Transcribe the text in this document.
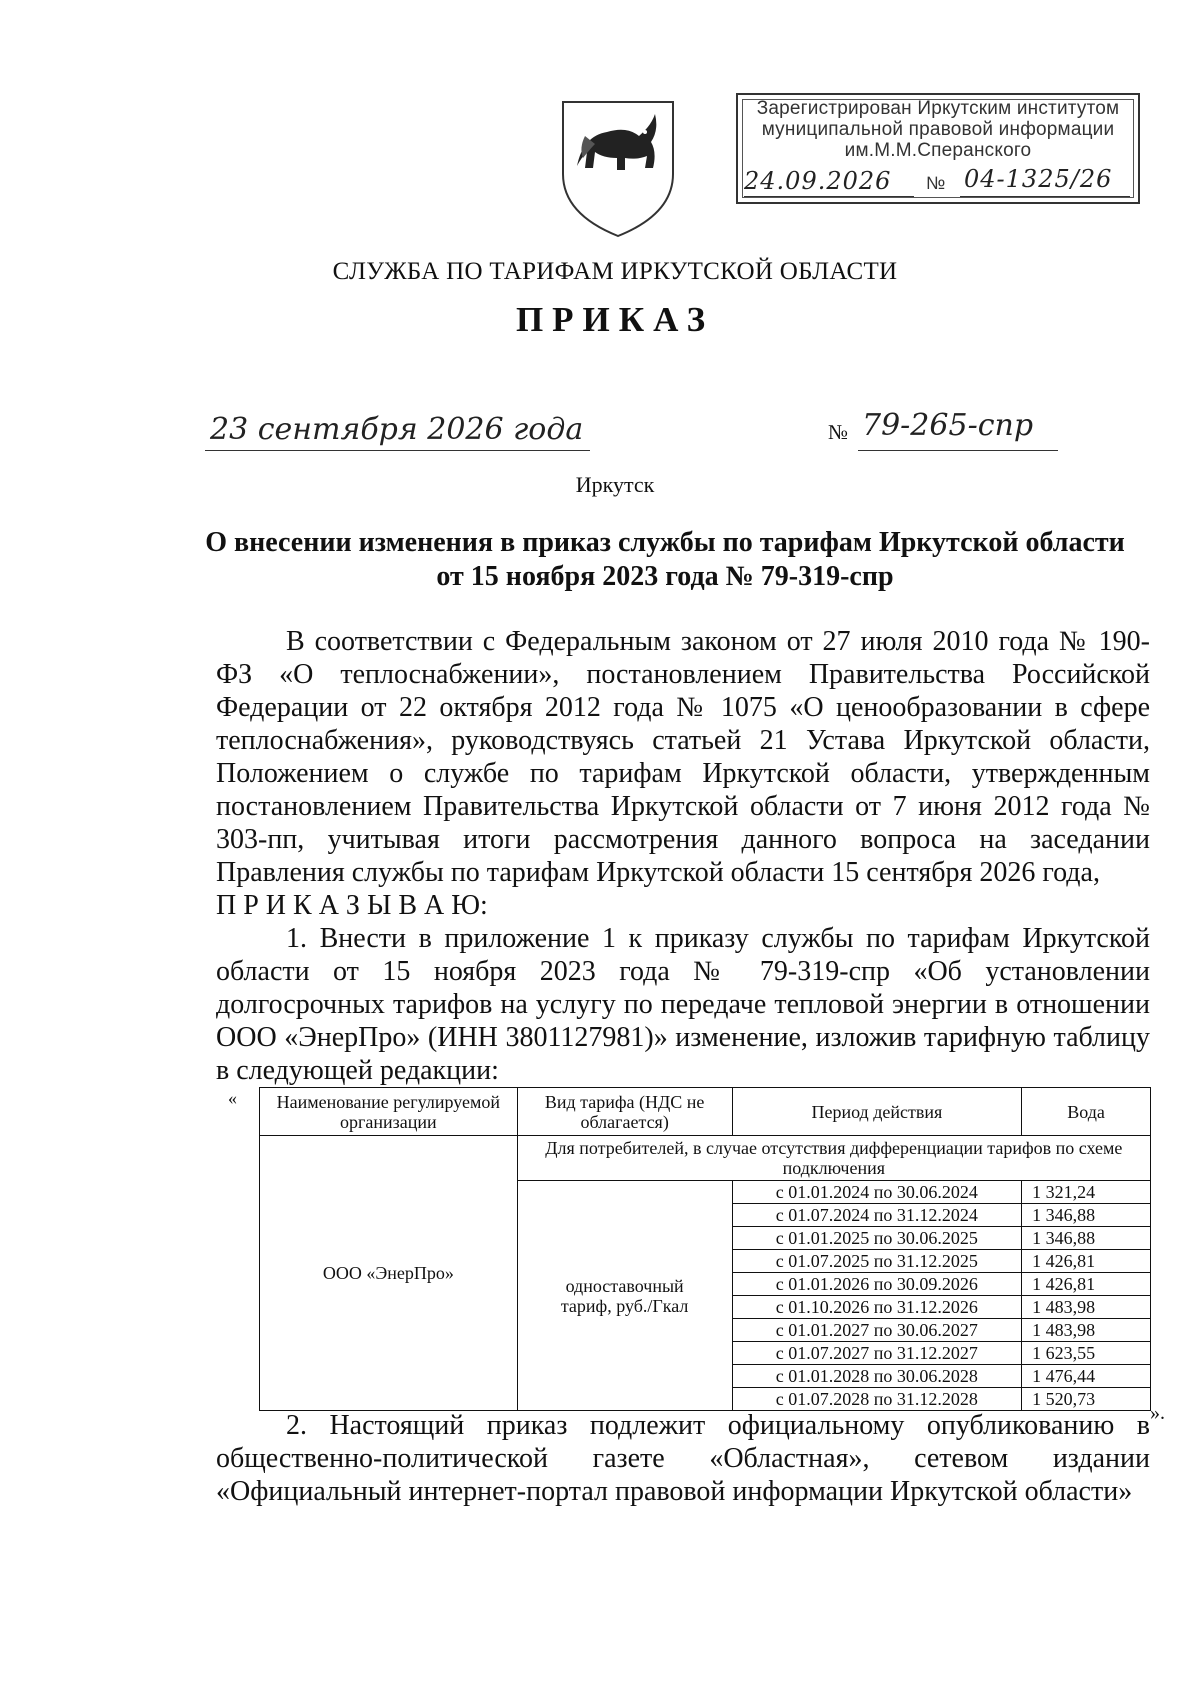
Зарегистрирован Иркутским институтом
муниципальной правовой информации
им.М.М.Сперанского
24.09.2026 № 04-1325/26
СЛУЖБА ПО ТАРИФАМ ИРКУТСКОЙ ОБЛАСТИ
ПРИКАЗ
23 сентября 2026 года	№ 79-265-спр
Иркутск
О внесении изменения в приказ службы по тарифам Иркутской области
от 15 ноября 2023 года № 79-319-спр

В соответствии с Федеральным законом от 27 июля 2010 года № 190-ФЗ «О теплоснабжении», постановлением Правительства Российской Федерации от 22 октября 2012 года № 1075 «О ценообразовании в сфере теплоснабжения», руководствуясь статьей 21 Устава Иркутской области, Положением о службе по тарифам Иркутской области, утвержденным постановлением Правительства Иркутской области от 7 июня 2012 года № 303-пп, учитывая итоги рассмотрения данного вопроса на заседании Правления службы по тарифам Иркутской области 15 сентября 2026 года,

П Р И К А З Ы В А Ю:

1. Внести в приложение 1 к приказу службы по тарифам Иркутской области от 15 ноября 2023 года № 79-319-спр «Об установлении долгосрочных тарифов на услугу по передаче тепловой энергии в отношении ООО «ЭнерПро» (ИНН 3801127981)» изменение, изложив тарифную таблицу в следующей редакции:

« Наименование регулируемой организации	Вид тарифа (НДС не облагается)	Период действия	Вода
ООО «ЭнерПро»	Для потребителей, в случае отсутствия дифференциации тарифов по схеме подключения		
	одноставочный тариф, руб./Гкал	с 01.01.2024 по 30.06.2024	1 321,24
		с 01.07.2024 по 31.12.2024	1 346,88
		с 01.01.2025 по 30.06.2025	1 346,88
		с 01.07.2025 по 31.12.2025	1 426,81
		с 01.01.2026 по 30.09.2026	1 426,81
		с 01.10.2026 по 31.12.2026	1 483,98
		с 01.01.2027 по 30.06.2027	1 483,98
		с 01.07.2027 по 31.12.2027	1 623,55
		с 01.01.2028 по 30.06.2028	1 476,44
		с 01.07.2028 по 31.12.2028	1 520,73
».

2. Настоящий приказ подлежит официальному опубликованию в общественно-политической газете «Областная», сетевом издании «Официальный интернет-портал правовой информации Иркутской области»
